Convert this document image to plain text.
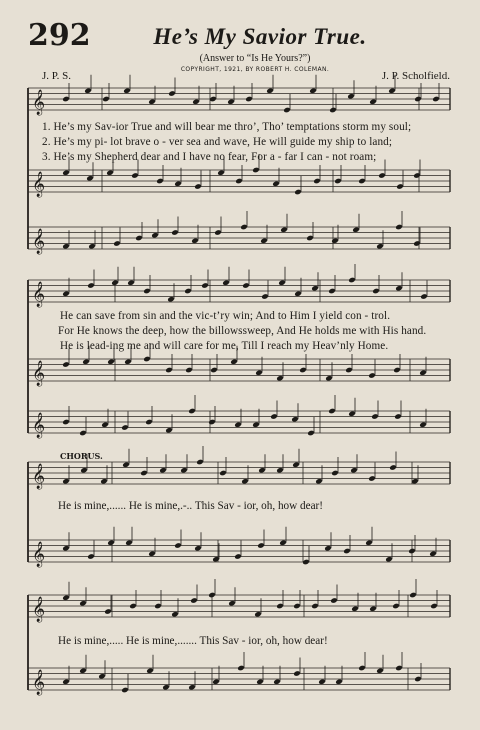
292	He’s My Savior True.
(Answer to “Is He Yours?”)
COPYRIGHT, 1921, BY ROBERT H. COLEMAN.
J. P. S.	J. P. Scholfield.
𝄞
𝄞
𝄞
𝄞
𝄞
𝄞
𝄞
𝄞
𝄞
𝄞
1. He’s my Sav-ior True and will bear me thro’, Tho’ temptations storm my soul;
2. He’s my pi- lot brave o - ver sea and wave, He will guide my ship to land;
3. He’s my Shepherd dear and I have no fear, For a - far I can - not roam;
He can save from sin and the vic-t’ry win; And to Him I yield con - trol.
For He knows the deep, how the billowssweep, And He holds me with His hand.
He is lead-ing me and will care for me, Till I reach my Heav’nly Home.
CHORUS.
He is mine,...... He is mine,.-.. This Sav - ior, oh, how dear!
He is mine,..... He is mine,....... This Sav - ior, oh, how dear!
